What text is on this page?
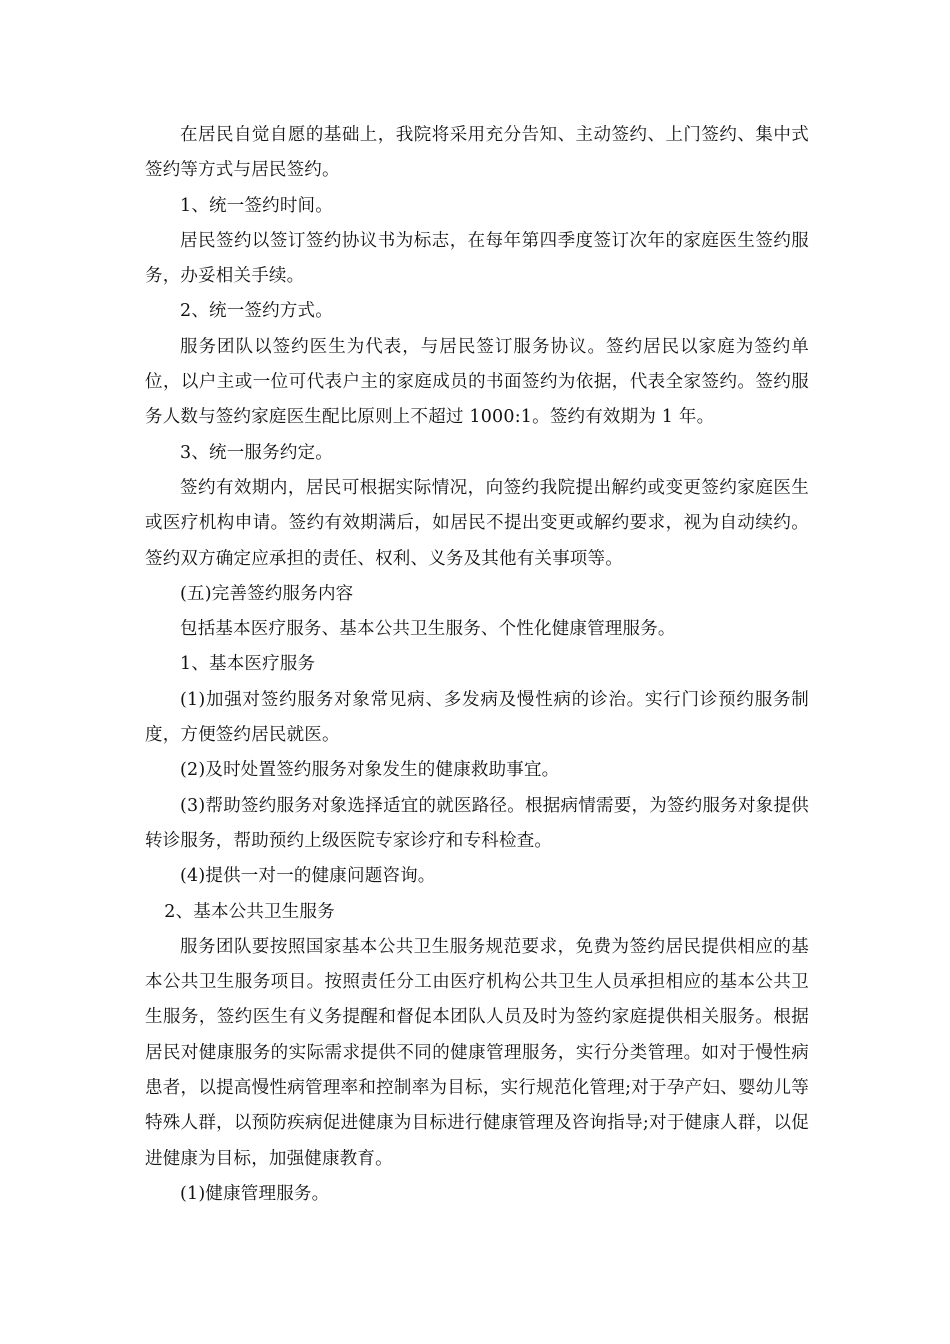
在居民自觉自愿的基础上，我院将采用充分告知、主动签约、上门签约、集中式签约等方式与居民签约。

1、统一签约时间。

居民签约以签订签约协议书为标志，在每年第四季度签订次年的家庭医生签约服务，办妥相关手续。

2、统一签约方式。

服务团队以签约医生为代表，与居民签订服务协议。签约居民以家庭为签约单位，以户主或一位可代表户主的家庭成员的书面签约为依据，代表全家签约。签约服务人数与签约家庭医生配比原则上不超过 1000:1。签约有效期为 1 年。

3、统一服务约定。

签约有效期内，居民可根据实际情况，向签约我院提出解约或变更签约家庭医生或医疗机构申请。签约有效期满后，如居民不提出变更或解约要求，视为自动续约。签约双方确定应承担的责任、权利、义务及其他有关事项等。

(五)完善签约服务内容

包括基本医疗服务、基本公共卫生服务、个性化健康管理服务。

1、基本医疗服务

(1)加强对签约服务对象常见病、多发病及慢性病的诊治。实行门诊预约服务制度，方便签约居民就医。

(2)及时处置签约服务对象发生的健康救助事宜。

(3)帮助签约服务对象选择适宜的就医路径。根据病情需要，为签约服务对象提供转诊服务，帮助预约上级医院专家诊疗和专科检查。

(4)提供一对一的健康问题咨询。

2、基本公共卫生服务

服务团队要按照国家基本公共卫生服务规范要求，免费为签约居民提供相应的基本公共卫生服务项目。按照责任分工由医疗机构公共卫生人员承担相应的基本公共卫生服务，签约医生有义务提醒和督促本团队人员及时为签约家庭提供相关服务。根据居民对健康服务的实际需求提供不同的健康管理服务，实行分类管理。如对于慢性病患者，以提高慢性病管理率和控制率为目标，实行规范化管理;对于孕产妇、婴幼儿等特殊人群，以预防疾病促进健康为目标进行健康管理及咨询指导;对于健康人群，以促进健康为目标，加强健康教育。

(1)健康管理服务。
